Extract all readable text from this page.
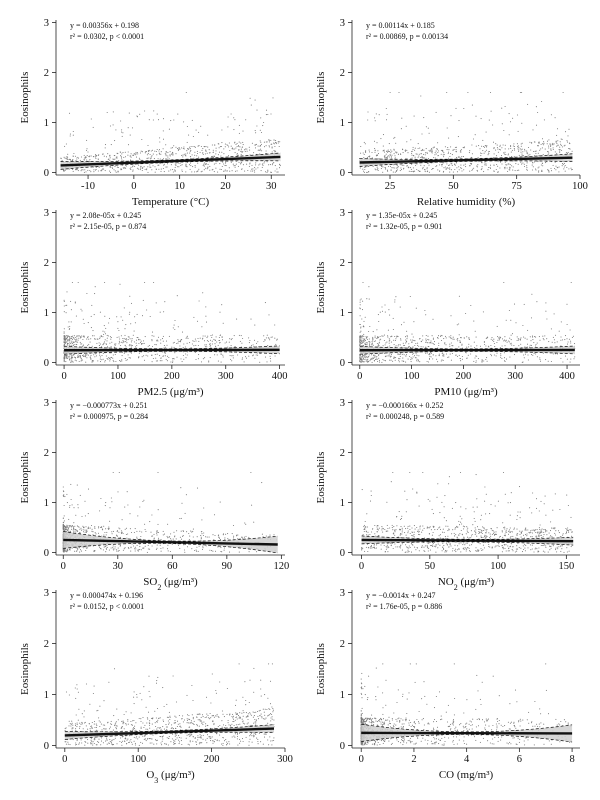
0
1
2
3
-10	0	10	20	30
Eosinophils
Temperature (°C)
y = 0.00356x + 0.198
r² = 0.0302, p < 0.0001
0
1
2
3
25	50	75	100
Eosinophils
Relative humidity (%)
y = 0.00114x + 0.185
r² = 0.00869, p = 0.00134
0
1
2
3
0	100	200	300	400
Eosinophils
PM2.5 (μg/m³)
y = 2.08e-05x + 0.245
r² = 2.15e-05, p = 0.874
0
1
2
3
0	100	200	300	400
Eosinophils
PM10 (μg/m³)
y = 1.35e-05x + 0.245
r² = 1.32e-05, p = 0.901
0
1
2
3
0	30	60	90	120
Eosinophils
$SO_2$ (μg/m³)
y = −0.000773x + 0.251
r² = 0.000975, p = 0.284
0
1
2
3
0	50	100	150
Eosinophils
$NO_2$ (μg/m³)
y = −0.000166x + 0.252
r² = 0.000248, p = 0.589
0
1
2
3
0	100	200	300
Eosinophils
$O_3$ (μg/m³)
y = 0.000474x + 0.196
r² = 0.0152, p < 0.0001
0
1
2
3
0	2	4	6	8
Eosinophils
CO (mg/m³)
y = −0.0014x + 0.247
r² = 1.76e-05, p = 0.886
